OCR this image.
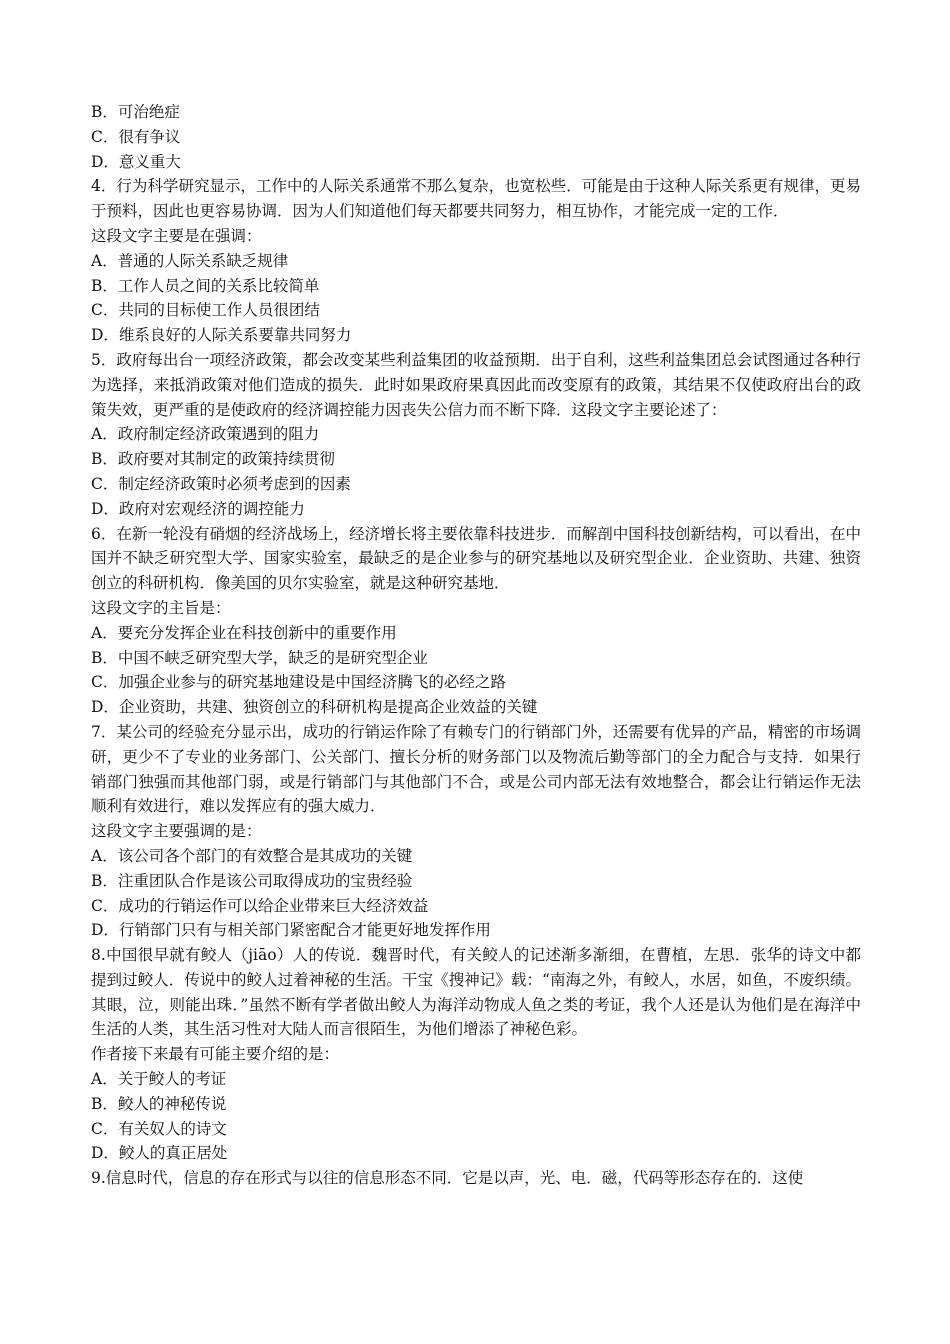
B．可治绝症

C．很有争议

D．意义重大

4．行为科学研究显示，工作中的人际关系通常不那么复杂，也宽松些．可能是由于这种人际关系更有规律，更易于预料，因此也更容易协调．因为人们知道他们每天都要共同努力，相互协作，才能完成一定的工作．

这段文字主要是在强调：

A．普通的人际关系缺乏规律

B．工作人员之间的关系比较简单

C．共同的目标使工作人员很团结

D．维系良好的人际关系要靠共同努力

5．政府每出台一项经济政策，都会改变某些利益集团的收益预期．出于自利，这些利益集团总会试图通过各种行为选择，来抵消政策对他们造成的损失．此时如果政府果真因此而改变原有的政策，其结果不仅使政府出台的政策失效，更严重的是使政府的经济调控能力因丧失公信力而不断下降．这段文字主要论述了：

A．政府制定经济政策遇到的阻力

B．政府要对其制定的政策持续贯彻

C．制定经济政策时必须考虑到的因素

D．政府对宏观经济的调控能力

6．在新一轮没有硝烟的经济战场上，经济增长将主要依靠科技进步．而解剖中国科技创新结构，可以看出，在中国并不缺乏研究型大学、国家实验室，最缺乏的是企业参与的研究基地以及研究型企业．企业资助、共建、独资创立的科研机构．像美国的贝尔实验室，就是这种研究基地．

这段文字的主旨是：

A．要充分发挥企业在科技创新中的重要作用

B．中国不峡乏研究型大学，缺乏的是研究型企业

C．加强企业参与的研究基地建设是中国经济腾飞的必经之路

D．企业资助，共建、独资创立的科研机构是提高企业效益的关键

7．某公司的经验充分显示出，成功的行销运作除了有赖专门的行销部门外，还需要有优异的产品，精密的市场调研，更少不了专业的业务部门、公关部门、擅长分析的财务部门以及物流后勤等部门的全力配合与支持．如果行销部门独强而其他部门弱，或是行销部门与其他部门不合，或是公司内部无法有效地整合，都会让行销运作无法顺利有效进行，难以发挥应有的强大威力．

这段文字主要强调的是：

A．该公司各个部门的有效整合是其成功的关键

B．注重团队合作是该公司取得成功的宝贵经验

C．成功的行销运作可以给企业带来巨大经济效益

D．行销部门只有与相关部门紧密配合才能更好地发挥作用

8.中国很早就有鲛人（jiāo）人的传说．魏晋时代，有关鲛人的记述渐多渐细，在曹植，左思．张华的诗文中都提到过鲛人．传说中的鲛人过着神秘的生活。干宝《搜神记》载：“南海之外，有鲛人，水居，如鱼，不废织绩。其眼，泣，则能出珠．”虽然不断有学者做出鲛人为海洋动物成人鱼之类的考证，我个人还是认为他们是在海洋中生活的人类，其生活习性对大陆人而言很陌生，为他们增添了神秘色彩。

作者接下来最有可能主要介绍的是：

A．关于鲛人的考证

B．鲛人的神秘传说

C．有关奴人的诗文

D．鲛人的真正居处

9.信息时代，信息的存在形式与以往的信息形态不同．它是以声，光、电．磁，代码等形态存在的．这使
